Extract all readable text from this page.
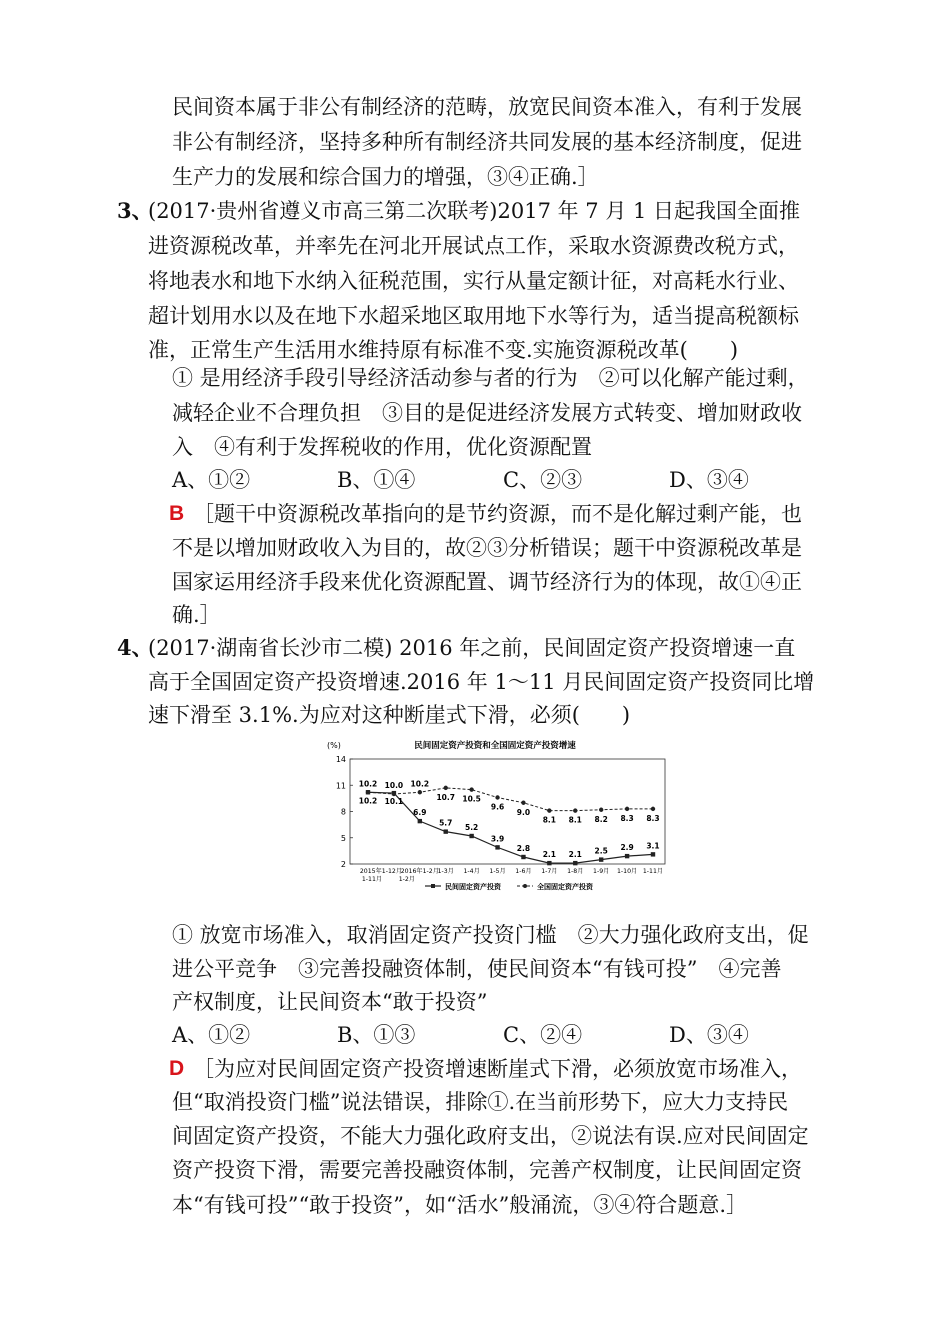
民间资本属于非公有制经济的范畴，放宽民间资本准入，有利于发展
非公有制经济，坚持多种所有制经济共同发展的基本经济制度，促进
生产力的发展和综合国力的增强，③④正确.］
3、
(2017·贵州省遵义市高三第二次联考)2017 年 7 月 1 日起我国全面推
进资源税改革，并率先在河北开展试点工作，采取水资源费改税方式，
将地表水和地下水纳入征税范围，实行从量定额计征，对高耗水行业、
超计划用水以及在地下水超采地区取用地下水等行为，适当提高税额标
准，正常生产生活用水维持原有标准不变.实施资源税改革(　　)
① 是用经济手段引导经济活动参与者的行为　②可以化解产能过剩，
减轻企业不合理负担　③目的是促进经济发展方式转变、增加财政收
入　④有利于发挥税收的作用，优化资源配置
A、①②	B、①④	C、②③	D、③④
B ［题干中资源税改革指向的是节约资源，而不是化解过剩产能，也
不是以增加财政收入为目的，故②③分析错误；题干中资源税改革是
国家运用经济手段来优化资源配置、调节经济行为的体现，故①④正
确.］
4、
(2017·湖南省长沙市二模) 2016 年之前，民间固定资产投资增速一直
高于全国固定资产投资增速.2016 年 1～11 月民间固定资产投资同比增
速下滑至 3.1%.为应对这种断崖式下滑，必须(　　)
民间固定资产投资和全国固定资产投资增速
(%)
2
5
8
11
14
2015年1-12月
2016年1-2月
1-3月 1-4月 1-5月 1-6月 1-7月 1-8月 1-9月 1-10月 1-11月
1-11月	1-2月
10.2
10.2
10.0
10.1
10.2
6.9
10.7
5.7
10.5
5.2
9.6
3.9
9.0
2.8
8.1
2.1
8.1
2.1
8.2
2.5
8.3
2.9
8.3
3.1
民间固定资产投资	全国固定资产投资
① 放宽市场准入，取消固定资产投资门槛　②大力强化政府支出，促
进公平竞争　③完善投融资体制，使民间资本“有钱可投”　④完善
产权制度，让民间资本“敢于投资”
A、①②	B、①③	C、②④	D、③④
D ［为应对民间固定资产投资增速断崖式下滑，必须放宽市场准入，
但“取消投资门槛”说法错误，排除①.在当前形势下，应大力支持民
间固定资产投资，不能大力强化政府支出，②说法有误.应对民间固定
资产投资下滑，需要完善投融资体制，完善产权制度，让民间固定资
本“有钱可投”“敢于投资”，如“活水”般涌流，③④符合题意.］
